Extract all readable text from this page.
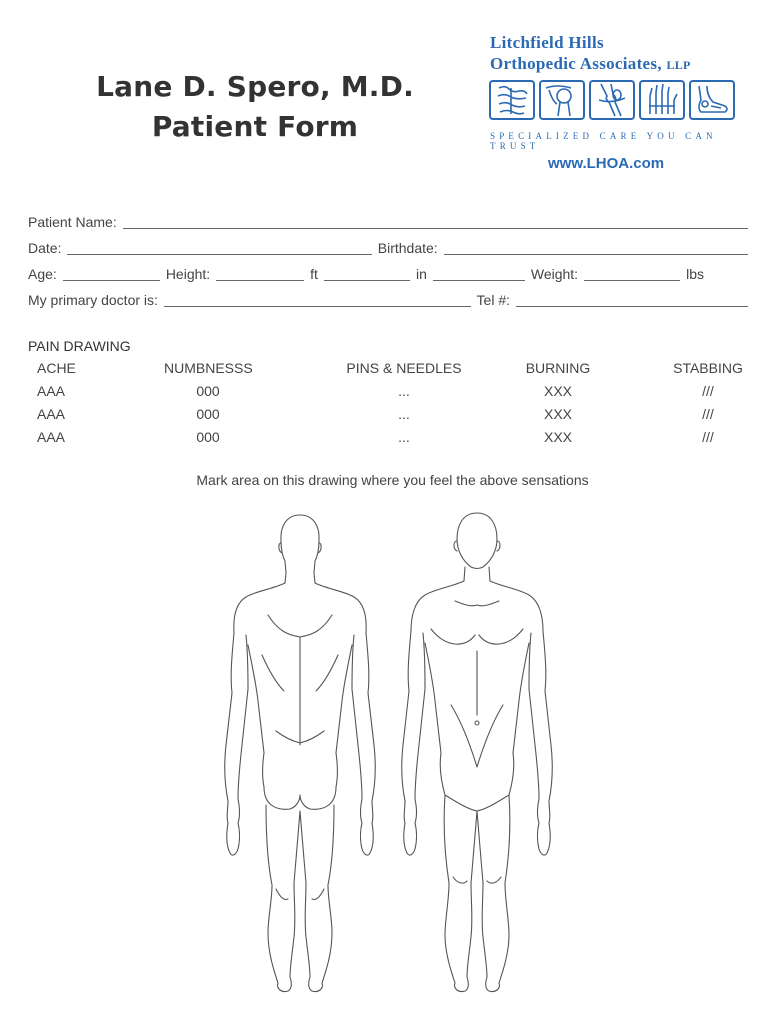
Lane D. Spero, M.D.
Patient Form
Litchfield Hills
Orthopedic Associates, LLP
SPECIALIZED CARE YOU CAN TRUST
www.LHOA.com
Patient Name:
Date:	Birthdate:
Age:	Height:	ft	in	Weight:	lbs
My primary doctor is:	Tel #:
PAIN DRAWING
ACHE	NUMBNESSS	PINS & NEEDLES	BURNING	STABBING
AAA	000	...	XXX	///
AAA	000	...	XXX	///
AAA	000	...	XXX	///
Mark area on this drawing where you feel the above sensations
